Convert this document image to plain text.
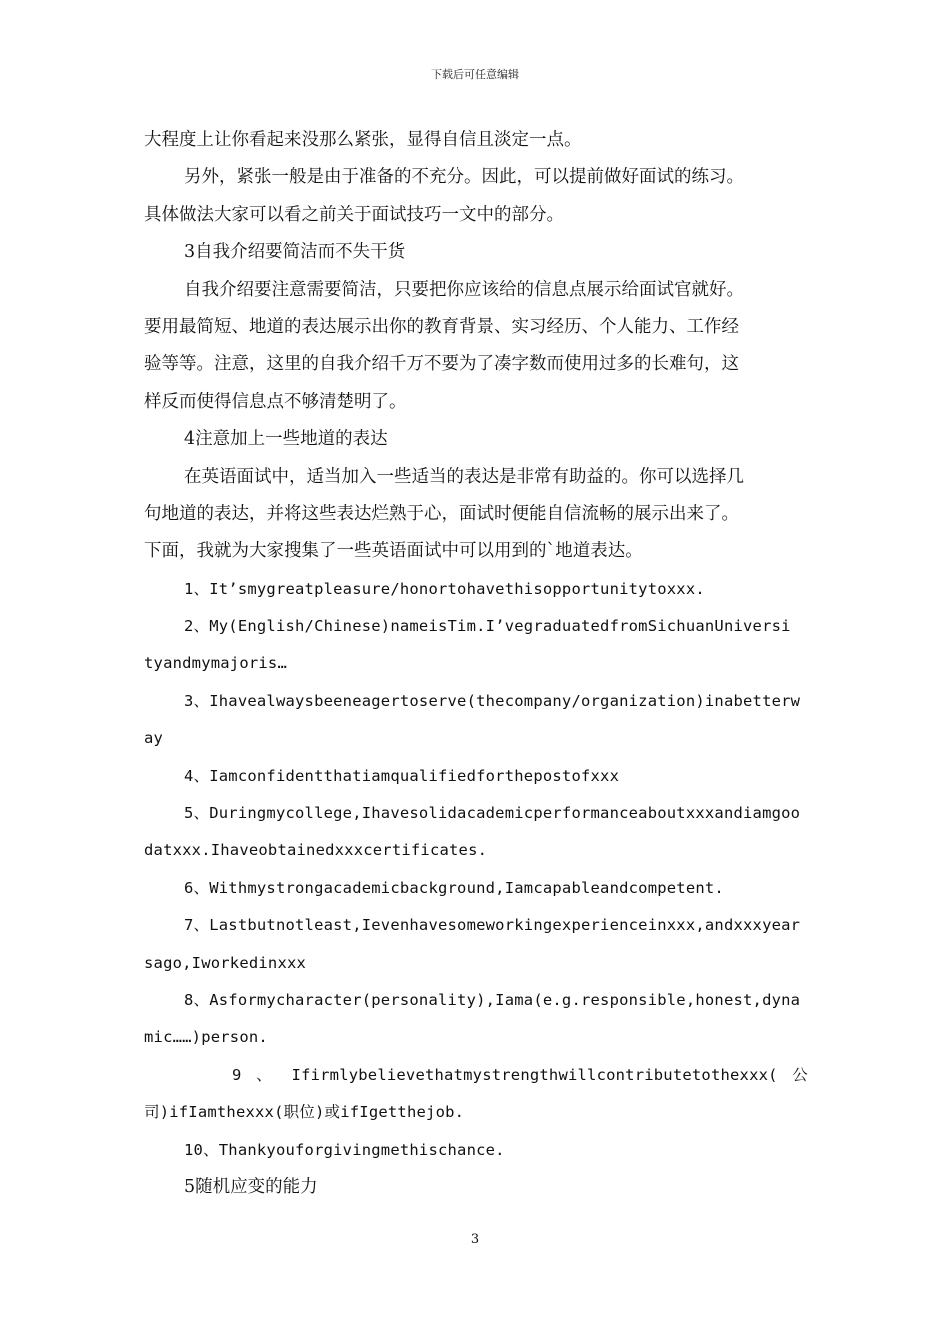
下载后可任意编辑
大程度上让你看起来没那么紧张，显得自信且淡定一点。
另外，紧张一般是由于准备的不充分。因此，可以提前做好面试的练习。
具体做法大家可以看之前关于面试技巧一文中的部分。
3自我介绍要简洁而不失干货
自我介绍要注意需要简洁，只要把你应该给的信息点展示给面试官就好。
要用最简短、地道的表达展示出你的教育背景、实习经历、个人能力、工作经
验等等。注意，这里的自我介绍千万不要为了凑字数而使用过多的长难句，这
样反而使得信息点不够清楚明了。
4注意加上一些地道的表达
在英语面试中，适当加入一些适当的表达是非常有助益的。你可以选择几
句地道的表达，并将这些表达烂熟于心，面试时便能自信流畅的展示出来了。
下面，我就为大家搜集了一些英语面试中可以用到的`地道表达。
1、It’smygreatpleasure/honortohavethisopportunitytoxxx.
2、My(English/Chinese)nameisTim.I’vegraduatedfromSichuanUniversi
tyandmymajoris…
3、Ihavealwaysbeeneagertoserve(thecompany/organization)inabetterw
ay
4、Iamconfidentthatiamqualifiedforthepostofxxx
5、Duringmycollege,Ihavesolidacademicperformanceaboutxxxandiamgoo
datxxx.Ihaveobtainedxxxcertificates.
6、Withmystrongacademicbackground,Iamcapableandcompetent.
7、Lastbutnotleast,Ievenhavesomeworkingexperienceinxxx,andxxxyear
sago,Iworkedinxxx
8、Asformycharacter(personality),Iama(e.g.responsible,honest,dyna
mic……)person.
9 、 Ifirmlybelievethatmystrengthwillcontributetothexxx( 公
司)ifIamthexxx(职位)或ifIgetthejob.
10、Thankyouforgivingmethischance.
5随机应变的能力
3
